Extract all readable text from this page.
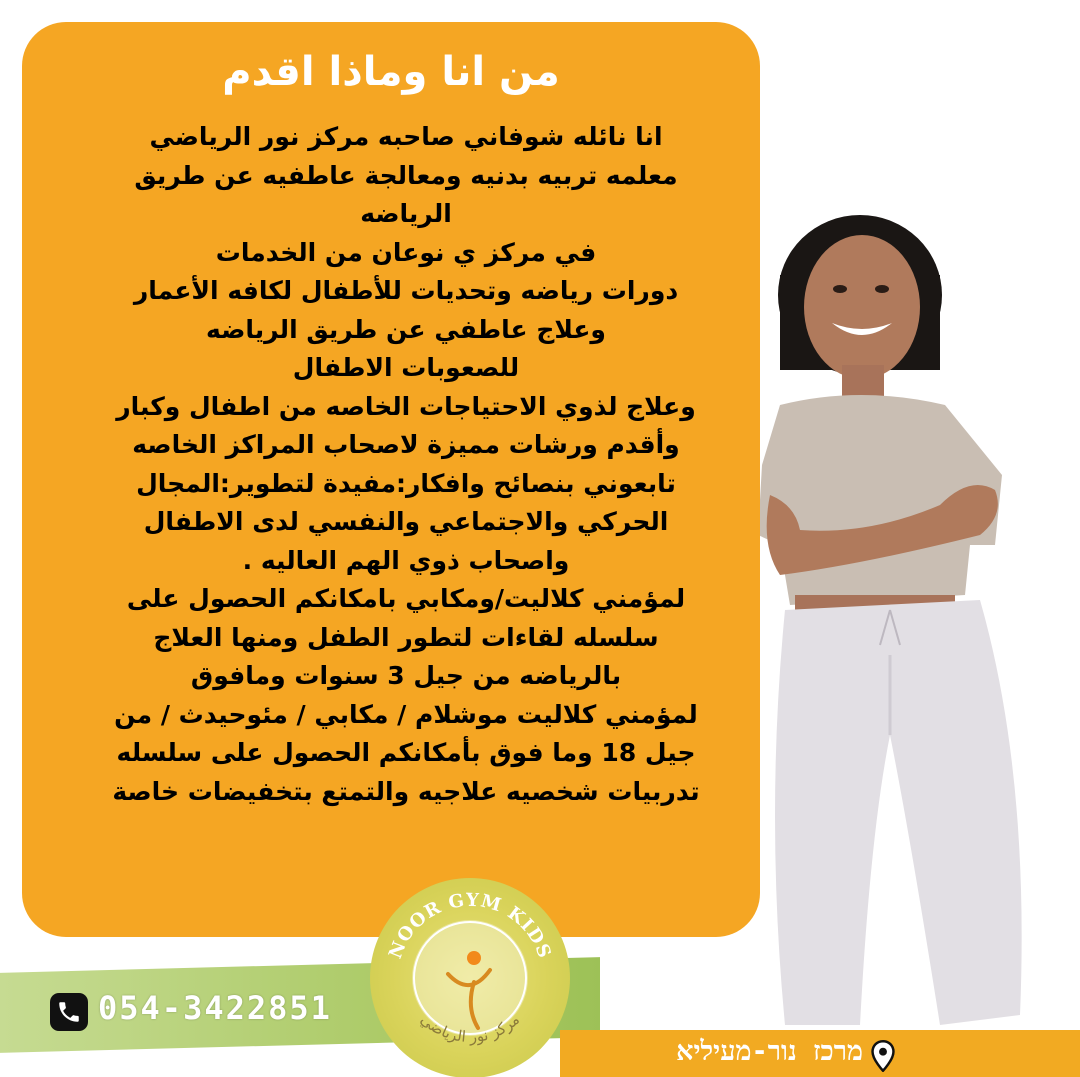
من انا وماذا اقدم
انا نائله شوفاني صاحبه مركز نور الرياضي
معلمه تربيه بدنيه ومعالجة عاطفيه عن طريق
الرياضه
في مركز ي نوعان من الخدمات
دورات رياضه وتحديات للأطفال لكافه الأعمار
وعلاج عاطفي عن طريق الرياضه
للصعوبات الاطفال
وعلاج لذوي الاحتياجات الخاصه من اطفال وكبار
وأقدم ورشات مميزة لاصحاب المراكز الخاصه
تابعوني بنصائح وافكار:مفيدة لتطوير:المجال
الحركي والاجتماعي والنفسي لدى الاطفال
واصحاب ذوي الهم العاليه .
لمؤمني كلاليت/ومكابي بامكانكم الحصول على
سلسله لقاءات لتطور الطفل ومنها العلاج
بالرياضه من جيل 3 سنوات ومافوق
لمؤمني كلاليت موشلام / مكابي / مئوحيدث / من
جيل 18 وما فوق بأمكانكم الحصول على سلسله
تدربيات شخصيه علاجيه والتمتع بتخفيضات خاصة
NOOR GYM KIDS
مركز نور الرياضي
054-3422851
מרכז נור-מעיליא
